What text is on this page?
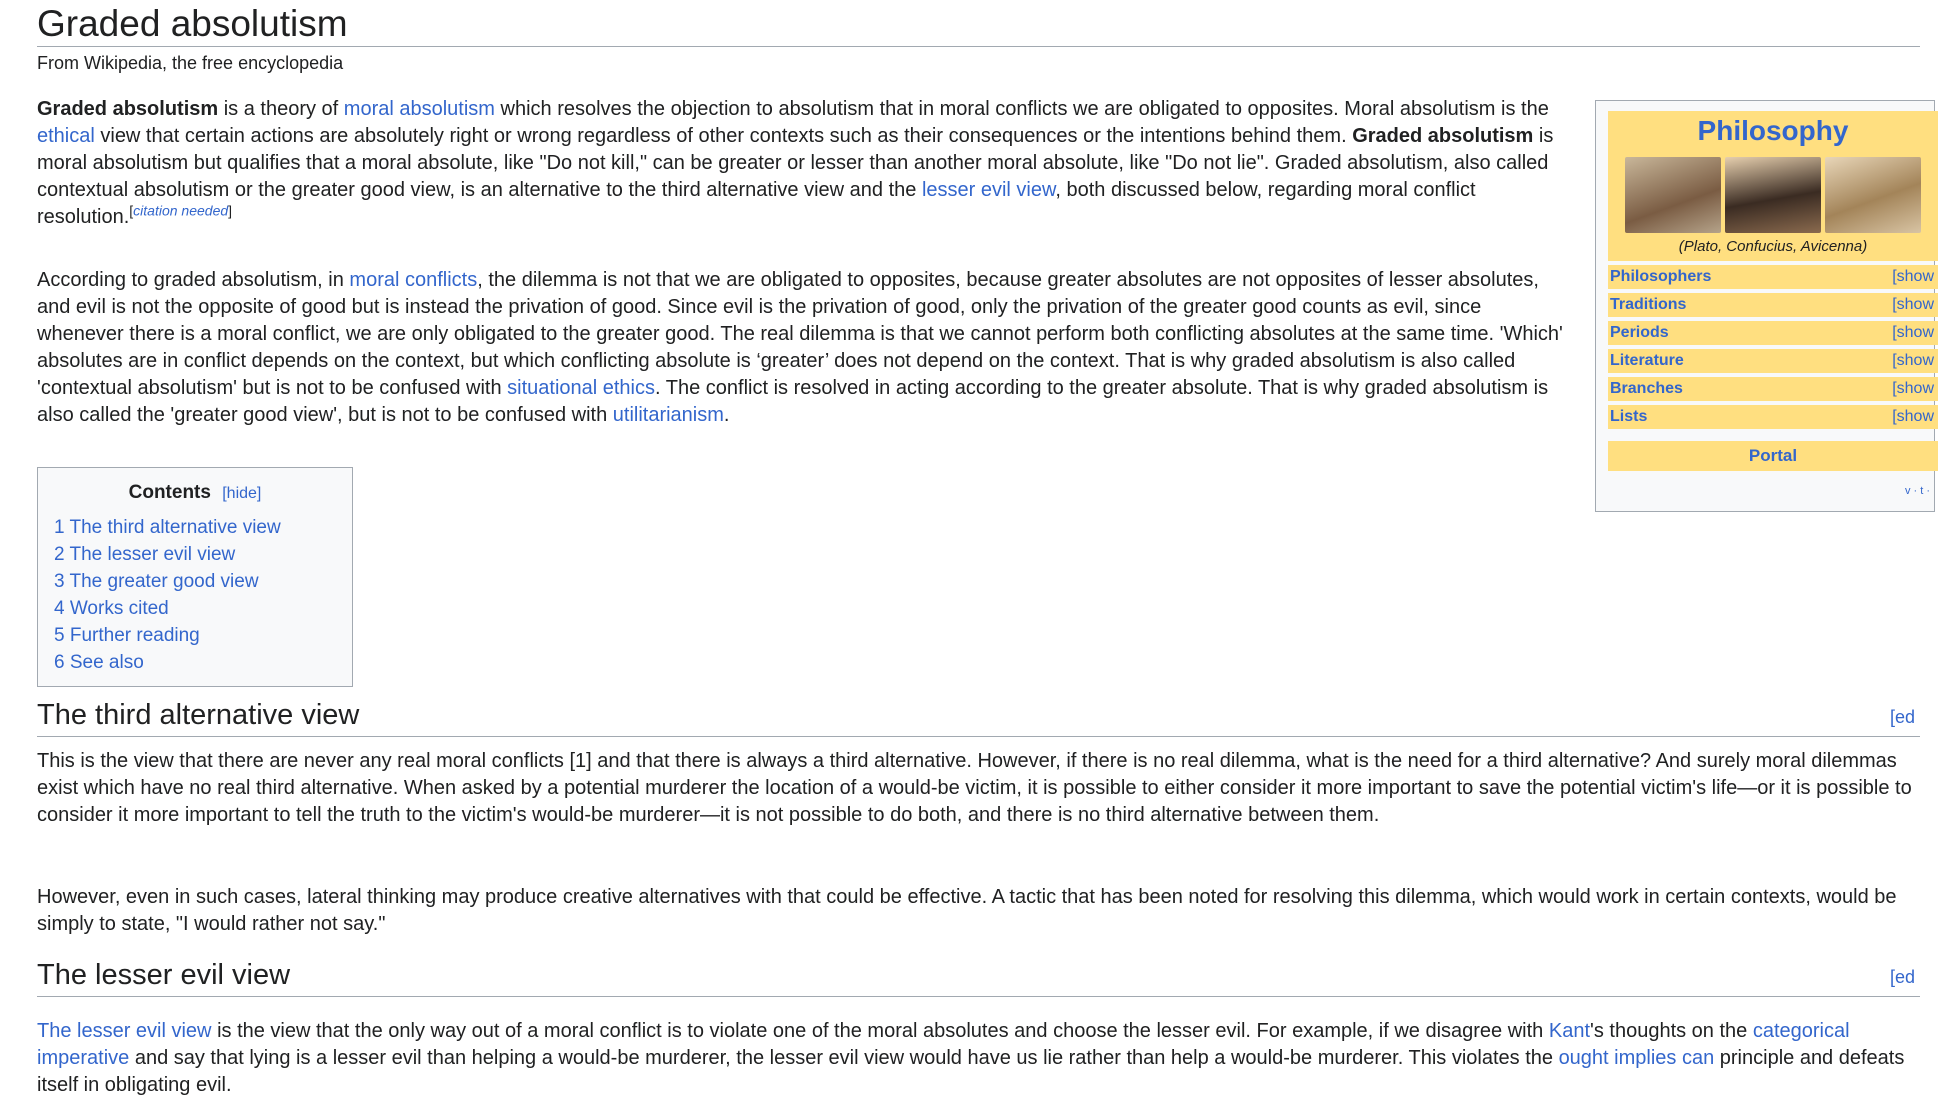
Graded absolutism
From Wikipedia, the free encyclopedia

Graded absolutism is a theory of moral absolutism which resolves the objection to absolutism that in moral conflicts we are obligated to opposites. Moral absolutism is the ethical view that certain actions are absolutely right or wrong regardless of other contexts such as their consequences or the intentions behind them. Graded absolutism is moral absolutism but qualifies that a moral absolute, like "Do not kill," can be greater or lesser than another moral absolute, like "Do not lie". Graded absolutism, also called contextual absolutism or the greater good view, is an alternative to the third alternative view and the lesser evil view, both discussed below, regarding moral conflict resolution.[citation needed]

According to graded absolutism, in moral conflicts, the dilemma is not that we are obligated to opposites, because greater absolutes are not opposites of lesser absolutes, and evil is not the opposite of good but is instead the privation of good. Since evil is the privation of good, only the privation of the greater good counts as evil, since whenever there is a moral conflict, we are only obligated to the greater good. The real dilemma is that we cannot perform both conflicting absolutes at the same time. 'Which' absolutes are in conflict depends on the context, but which conflicting absolute is ‘greater’ does not depend on the context. That is why graded absolutism is also called 'contextual absolutism' but is not to be confused with situational ethics. The conflict is resolved in acting according to the greater absolute. That is why graded absolutism is also called the 'greater good view', but is not to be confused with utilitarianism.

Contents [hide]
1 The third alternative view
2 The lesser evil view
3 The greater good view
4 Works cited
5 Further reading
6 See also
The third alternative view	[ed

This is the view that there are never any real moral conflicts [1] and that there is always a third alternative. However, if there is no real dilemma, what is the need for a third alternative? And surely moral dilemmas exist which have no real third alternative. When asked by a potential murderer the location of a would-be victim, it is possible to either consider it more important to save the potential victim's life—or it is possible to consider it more important to tell the truth to the victim's would-be murderer—it is not possible to do both, and there is no third alternative between them.

However, even in such cases, lateral thinking may produce creative alternatives with that could be effective. A tactic that has been noted for resolving this dilemma, which would work in certain contexts, would be simply to state, "I would rather not say."

The lesser evil view	[ed

The lesser evil view is the view that the only way out of a moral conflict is to violate one of the moral absolutes and choose the lesser evil. For example, if we disagree with Kant's thoughts on the categorical imperative and say that lying is a lesser evil than helping a would-be murderer, the lesser evil view would have us lie rather than help a would-be murderer. This violates the ought implies can principle and defeats itself in obligating evil.

Philosophy
(Plato, Confucius, Avicenna)
Philosophers	[show
Traditions	[show
Periods	[show
Literature	[show
Branches	[show
Lists	[show
Portal
v · t ·
